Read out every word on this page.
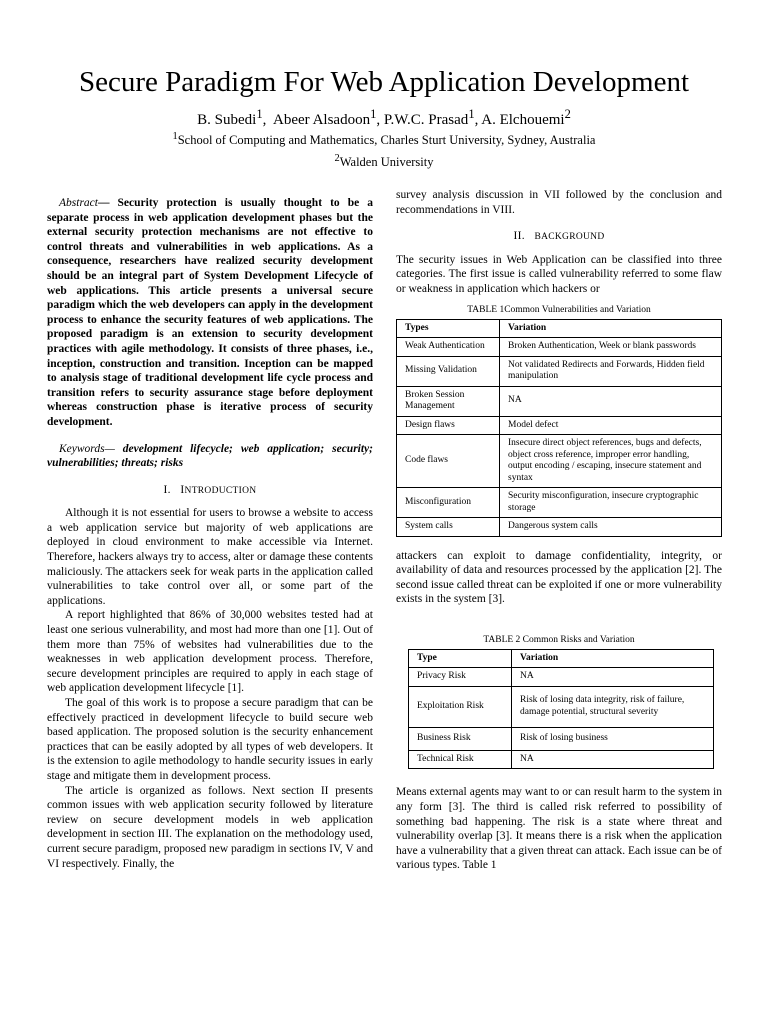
Secure Paradigm For Web Application Development
B. Subedi$^1$,  Abeer Alsadoon$^1$, P.W.C. Prasad$^1$, A. Elchouemi$^2$
$^1$School of Computing and Mathematics, Charles Sturt University, Sydney, Australia
$^2$Walden University

Abstract— Security protection is usually thought to be a separate process in web application development phases but the external security protection mechanisms are not effective to control threats and vulnerabilities in web applications. As a consequence, researchers have realized security development should be an integral part of System Development Lifecycle of web applications. This article presents a universal secure paradigm which the web developers can apply in the development process to enhance the security features of web applications. The proposed paradigm is an extension to security development practices with agile methodology. It consists of three phases, i.e., inception, construction and transition. Inception can be mapped to analysis stage of traditional development life cycle process and transition refers to security assurance stage before deployment whereas construction phase is iterative process of security development.

Keywords— development lifecycle; web application; security; vulnerabilities; threats; risks

I. INTRODUCTION

Although it is not essential for users to browse a website to access a web application service but majority of web applications are deployed in cloud environment to make accessible via Internet. Therefore, hackers always try to access, alter or damage these contents maliciously. The attackers seek for weak parts in the application called vulnerabilities to take control over all, or some part of the applications.

A report highlighted that 86% of 30,000 websites tested had at least one serious vulnerability, and most had more than one [1]. Out of them more than 75% of websites had vulnerabilities due to the weaknesses in web application development process. Therefore, secure development principles are required to apply in each stage of web application development lifecycle [1].

The goal of this work is to propose a secure paradigm that can be effectively practiced in development lifecycle to build secure web based application. The proposed solution is the security enhancement practices that can be easily adopted by all types of web developers. It is the extension to agile methodology to handle security issues in early stage and mitigate them in development process.

The article is organized as follows. Next section II presents common issues with web application security followed by literature review on secure development models in web application development in section III. The explanation on the methodology used, current secure paradigm, proposed new paradigm in sections IV, V and VI respectively. Finally, the

survey analysis discussion in VII followed by the conclusion and recommendations in VIII.

II. BACKGROUND

The security issues in Web Application can be classified into three categories. The first issue is called vulnerability referred to some flaw or weakness in application which hackers or

TABLE 1Common Vulnerabilities and Variation

Types	Variation
Weak Authentication	Broken Authentication, Week or blank passwords
Missing Validation	Not validated Redirects and Forwards, Hidden field manipulation
Broken Session Management	NA
Design flaws	Model defect
Code flaws	Insecure direct object references, bugs and defects, object cross reference, improper error handling, output encoding / escaping, insecure statement and syntax
Misconfiguration	Security misconfiguration, insecure cryptographic storage
System calls	Dangerous system calls

attackers can exploit to damage confidentiality, integrity, or availability of data and resources processed by the application [2]. The second issue called threat can be exploited if one or more vulnerability exists in the system [3].

TABLE 2 Common Risks and Variation

Type	Variation
Privacy Risk	NA
Exploitation Risk	Risk of losing data integrity, risk of failure, damage potential, structural severity
Business Risk	Risk of losing business
Technical Risk	NA

Means external agents may want to or can result harm to the system in any form [3]. The third is called risk referred to possibility of something bad happening. The risk is a state where threat and vulnerability overlap [3]. It means there is a risk when the application have a vulnerability that a given threat can attack. Each issue can be of various types. Table 1
